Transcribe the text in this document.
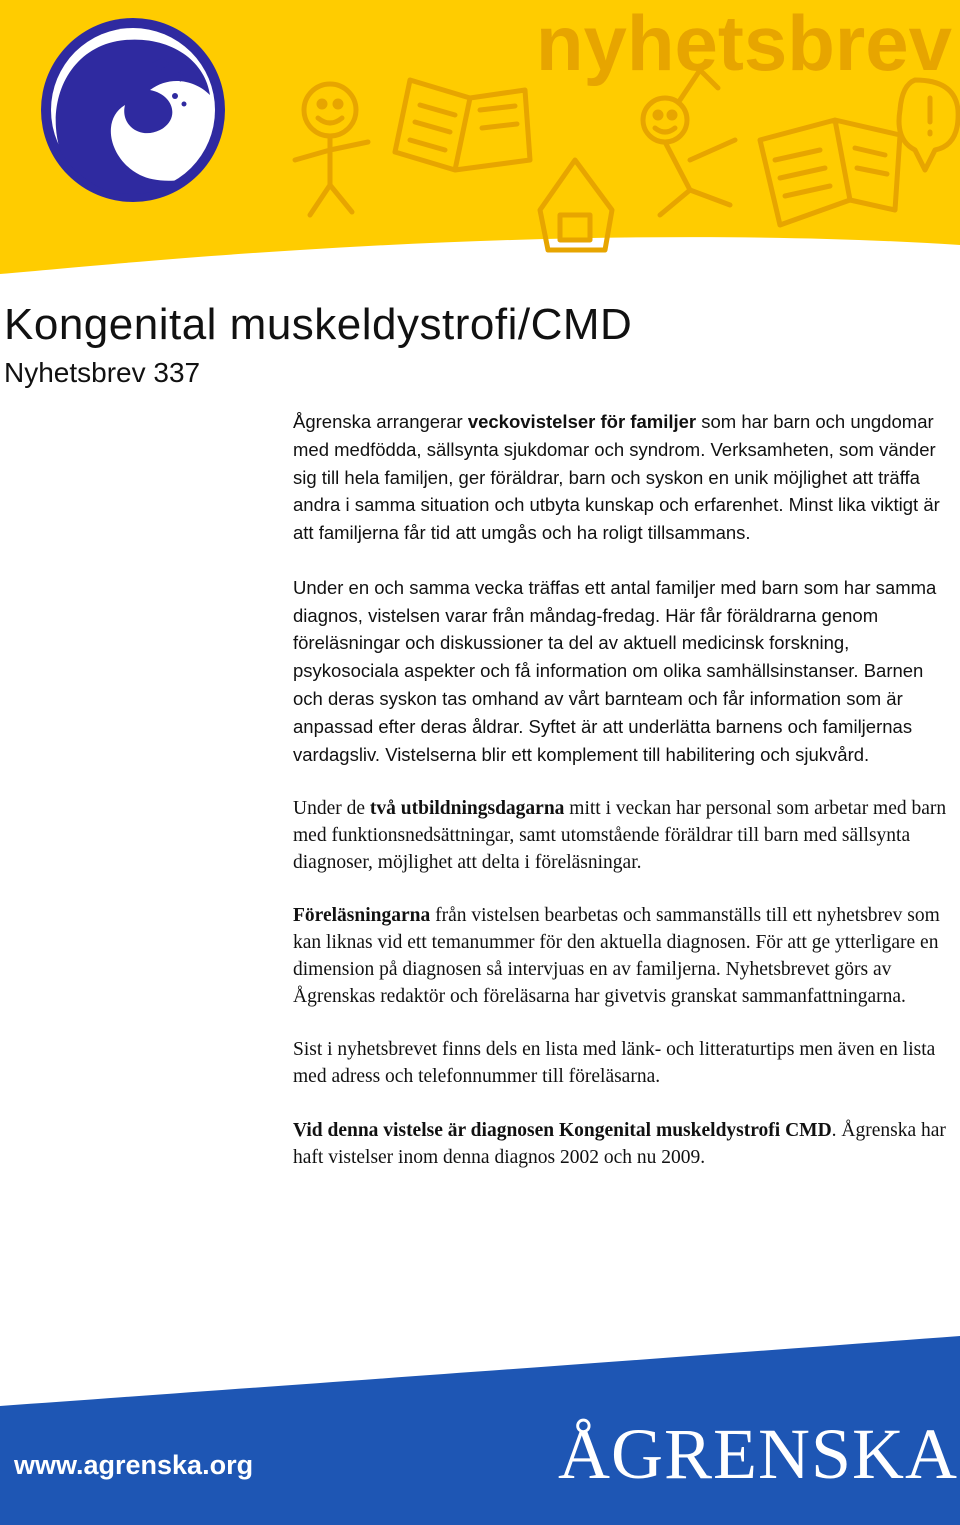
nyhetsbrev
Kongenital muskeldystrofi/CMD
Nyhetsbrev 337

Ågrenska arrangerar veckovistelser för familjer som har barn och ungdomar med medfödda, sällsynta sjukdomar och syndrom. Verksamheten, som vänder sig till hela familjen, ger föräldrar, barn och syskon en unik möjlighet att träffa andra i samma situation och utbyta kunskap och erfarenhet. Minst lika viktigt är att familjerna får tid att umgås och ha roligt tillsammans.

Under en och samma vecka träffas ett antal familjer med barn som har samma diagnos, vistelsen varar från måndag-fredag. Här får föräldrarna genom föreläsningar och diskussioner ta del av aktuell medicinsk forskning, psykosociala aspekter och få information om olika samhällsinstanser. Barnen och deras syskon tas omhand av vårt barnteam och får information som är anpassad efter deras åldrar. Syftet är att underlätta barnens och familjernas vardagsliv. Vistelserna blir ett komplement till habilitering och sjukvård.

Under de två utbildningsdagarna mitt i veckan har personal som arbetar med barn med funktionsnedsättningar, samt utomstående föräldrar till barn med sällsynta diagnoser, möjlighet att delta i föreläsningar.

Föreläsningarna från vistelsen bearbetas och sammanställs till ett nyhetsbrev som kan liknas vid ett temanummer för den aktuella diagnosen. För att ge ytterligare en dimension på diagnosen så intervjuas en av familjerna. Nyhetsbrevet görs av Ågrenskas redaktör och föreläsarna har givetvis granskat sammanfattningarna.

Sist i nyhetsbrevet finns dels en lista med länk- och litteraturtips men även en lista med adress och telefonnummer till föreläsarna.

Vid denna vistelse är diagnosen Kongenital muskeldystrofi CMD. Ågrenska har haft vistelser inom denna diagnos 2002 och nu 2009.

www.agrenska.org	ÅGRENSKA
